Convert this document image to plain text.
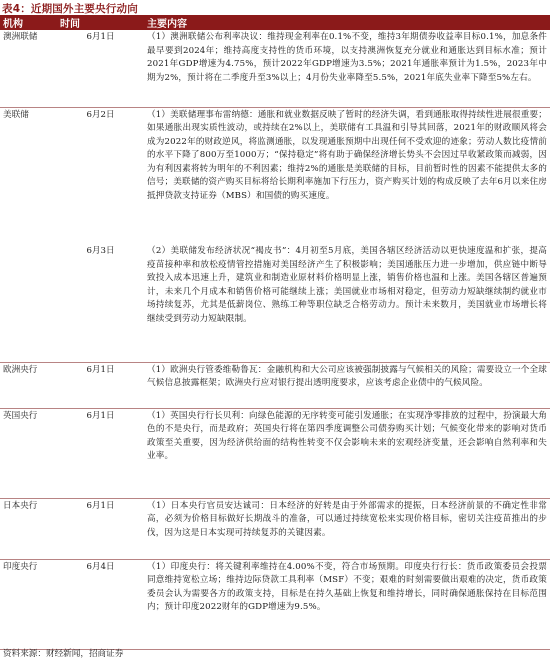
表4：近期国外主要央行动向
机构	时间	主要内容
澳洲联储	6月1日	（1）澳洲联储公布利率决议：维持现金利率在0.1%不变，维持3年期债券收益率目标0.1%，加息条件最早要到2024年；维持高度支持性的货币环境，以支持澳洲恢复充分就业和通胀达到目标水准；预计2021年GDP增速为4.75%，预计2022年GDP增速为3.5%；2021年通胀率预计为1.5%，2023年中期为2%，预计将在二季度升至3%以上；4月份失业率降至5.5%，2021年底失业率下降至5%左右。
美联储	6月2日	（1）美联储理事布雷纳德：通胀和就业数据反映了暂时的经济失调，看到通胀取得持续性进展很重要；如果通胀出现实质性波动，或持续在2%以上，美联储有工具温和引导其回落，2021年的财政顺风将会成为2022年的财政逆风，将监测通胀，以发现通胀预期中出现任何不受欢迎的迹象；劳动人数比疫情前的水平下降了800万至1000万；“保持稳定”将有助于确保经济增长势头不会因过早收紧政策而减弱，因为有利因素将转为明年的不利因素；维持2%的通胀是美联储的目标，目前暂时性的因素不能提供太多的信号；美联储的资产购买目标将给长期利率施加下行压力，资产购买计划的构成反映了去年6月以来住房抵押贷款支持证券（MBS）和国债的购买速度。
	6月3日	（2）美联储发布经济状况“褐皮书”：4月初至5月底，美国各辖区经济活动以更快速度温和扩张，提高疫苗接种率和放松疫情管控措施对美国经济产生了积极影响；美国通胀压力进一步增加，供应链中断导致投入成本迅速上升，建筑业和制造业原材料价格明显上涨，销售价格也温和上涨。美国各辖区普遍预计，未来几个月成本和销售价格可能继续上涨；美国就业市场相对稳定，但劳动力短缺继续制约就业市场持续复苏，尤其是低薪岗位、熟练工种等职位缺乏合格劳动力。预计未来数月，美国就业市场增长将继续受到劳动力短缺限制。
欧洲央行	6月1日	（1）欧洲央行管委维勒鲁瓦：金融机构和大公司应该被强制披露与气候相关的风险；需要设立一个全球气候信息披露框架；欧洲央行应对银行提出透明度要求，应该考虑企业债中的气候风险。
英国央行	6月1日	（1）英国央行行长贝利：向绿色能源的无序转变可能引发通胀；在实现净零排放的过程中，扮演最大角色的不是央行，而是政府；英国央行将在第四季度调整公司债券购买计划；气候变化带来的影响对货币政策至关重要，因为经济供给面的结构性转变不仅会影响未来的宏观经济变量，还会影响自然利率和失业率。
日本央行	6月1日	（1）日本央行官员安达诚司：日本经济的好转是由于外部需求的提振，日本经济前景的不确定性非常高，必须为价格目标做好长期战斗的准备，可以通过持续宽松来实现价格目标，密切关注疫苗推出的步伐，因为这是日本实现可持续复苏的关键因素。
印度央行	6月4日	（1）印度央行：将关键利率维持在4.00%不变，符合市场预期。印度央行行长：货币政策委员会投票同意维持宽松立场；维持边际贷款工具利率（MSF）不变；艰难的时刻需要做出艰难的决定，货币政策委员会认为需要各方的政策支持，目标是在持久基础上恢复和维持增长，同时确保通胀保持在目标范围内；预计印度2022财年的GDP增速为9.5%。
资料来源：财经新闻，招商证券
